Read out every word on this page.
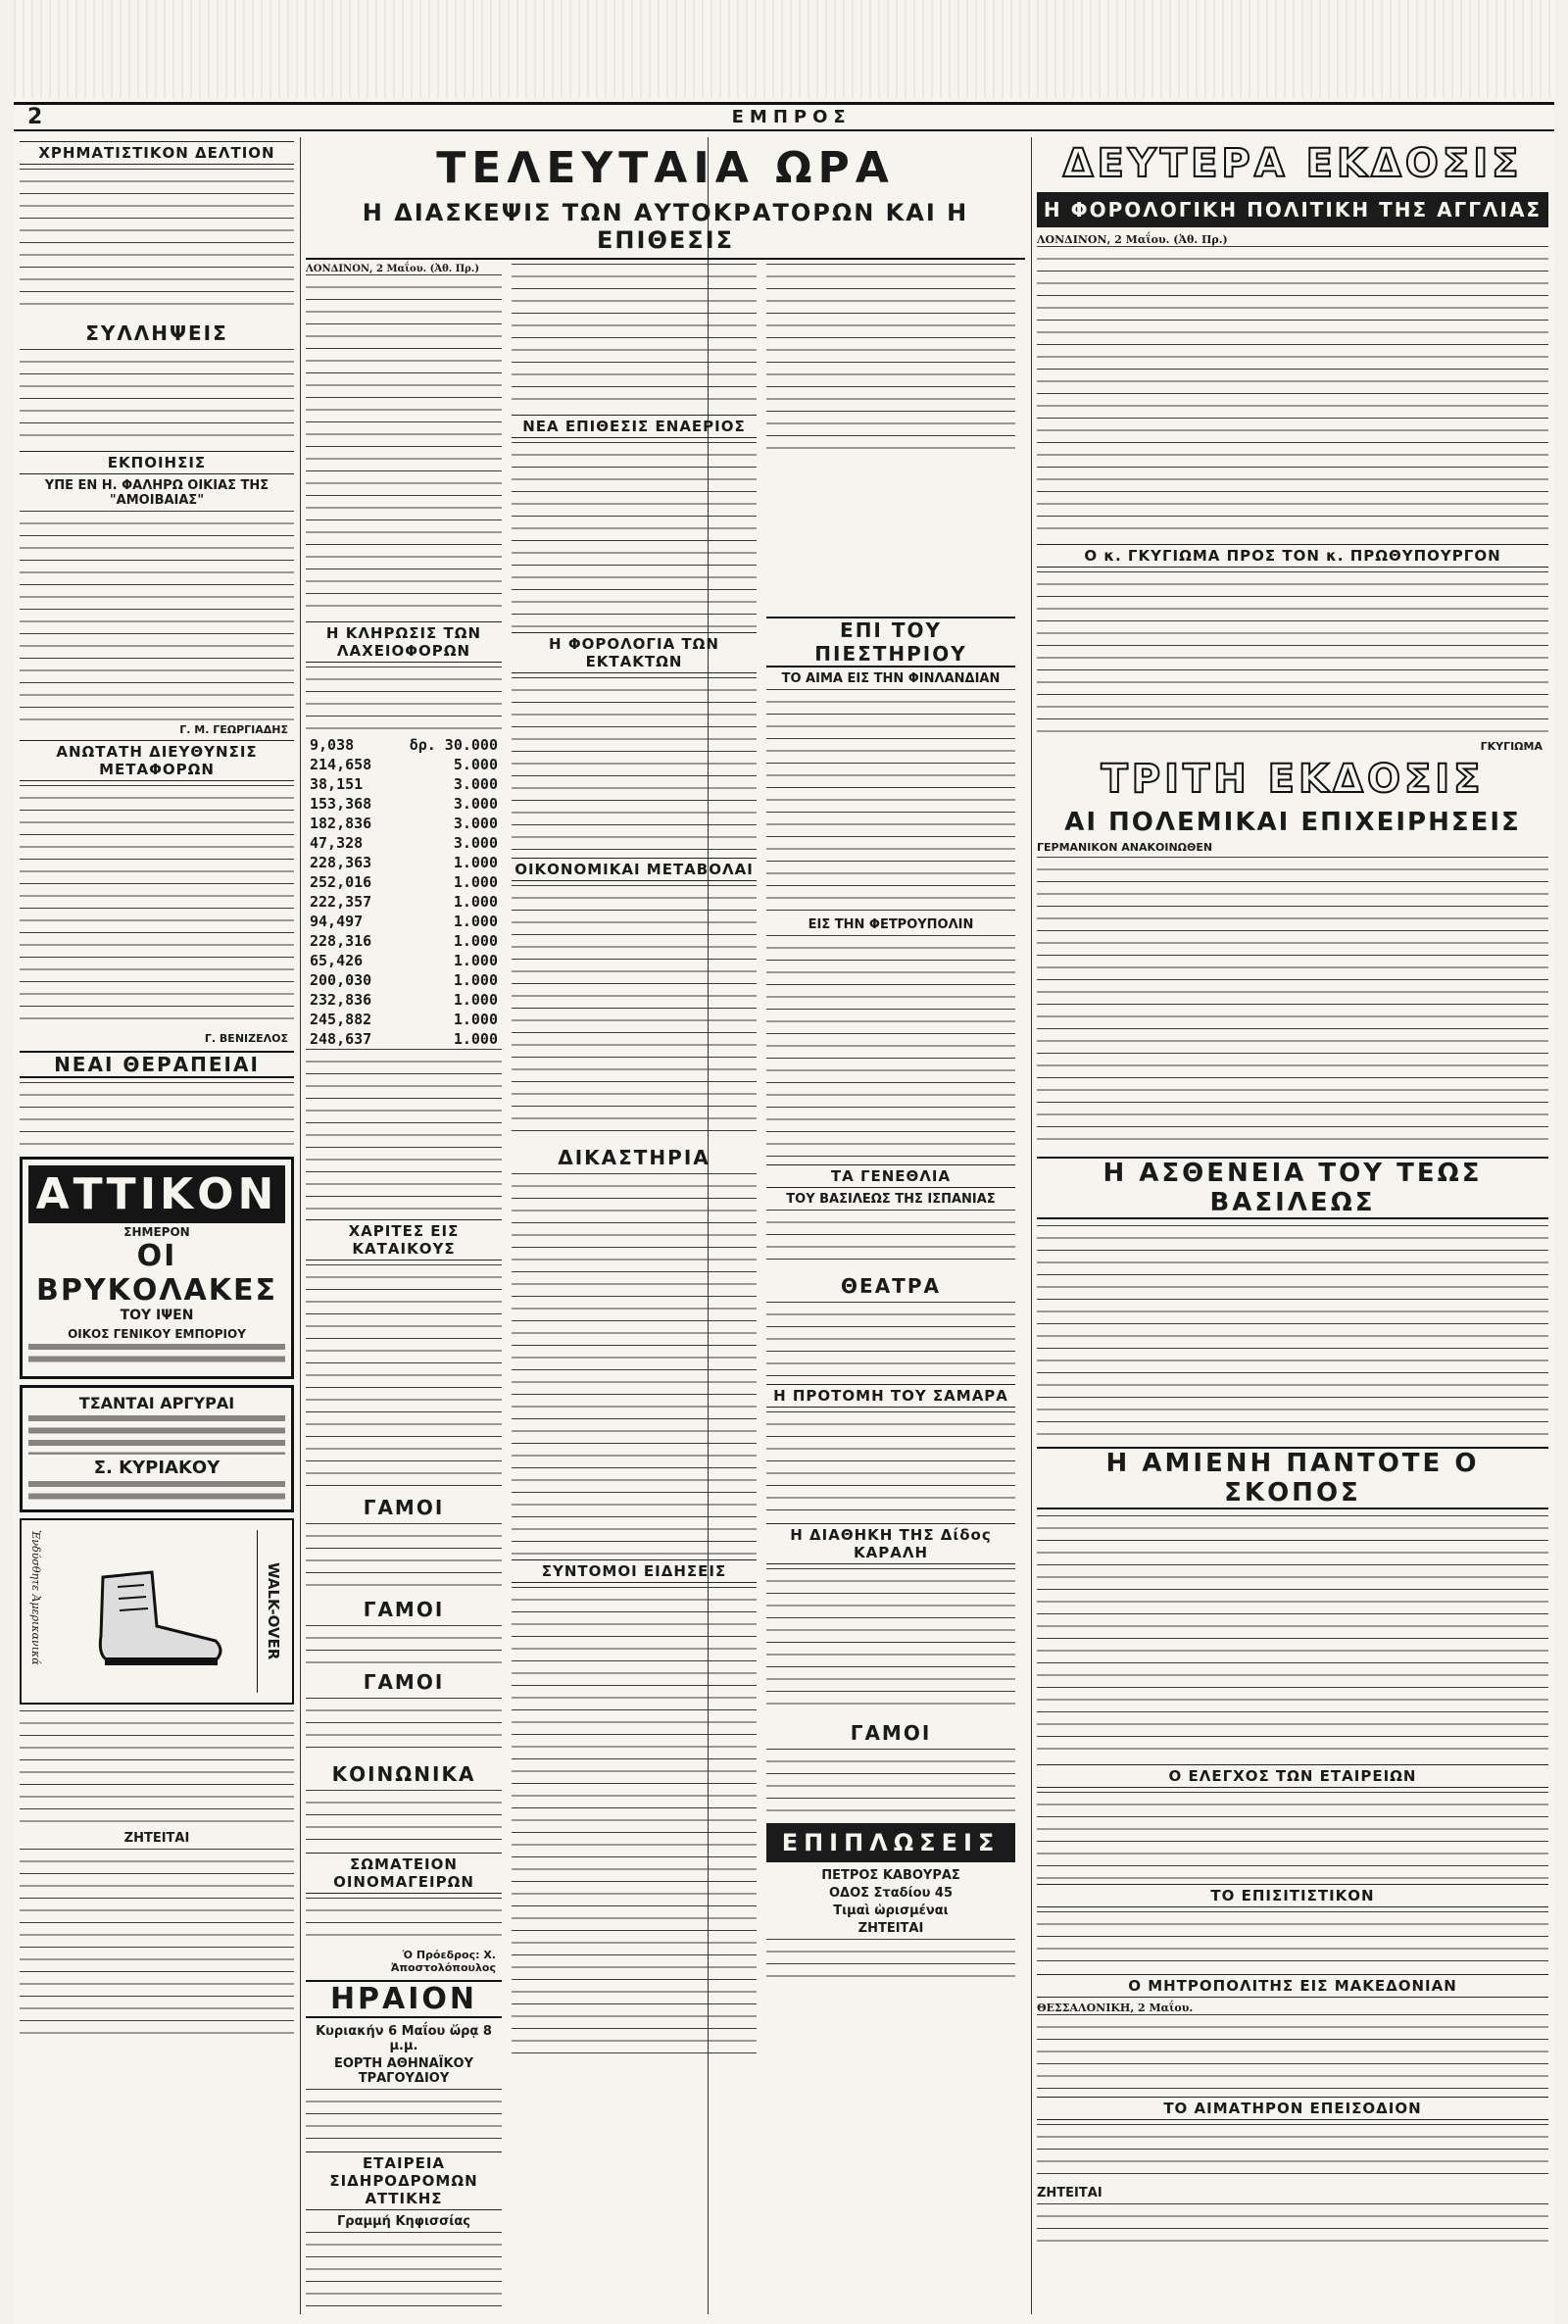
2	ΕΜΠΡΟΣ
ΧΡΗΜΑΤΙΣΤΙΚΟΝ ΔΕΛΤΙΟΝ
ΣΥΛΛΗΨΕΙΣ
ΕΚΠΟΙΗΣΙΣ
ΥΠΕ ΕΝ Η. ΦΑΛΗΡΩ ΟΙΚΙΑΣ ΤΗΣ "ΑΜΟΙΒΑΙΑΣ"
Γ. Μ. ΓΕΩΡΓΙΑΔΗΣ
ΑΝΩΤΑΤΗ ΔΙΕΥΘΥΝΣΙΣ ΜΕΤΑΦΟΡΩΝ
Γ. ΒΕΝΙΖΕΛΟΣ
ΝΕΑΙ ΘΕΡΑΠΕΙΑΙ
ΑΤΤΙΚΟΝ
ΣΗΜΕΡΟΝ
ΟΙ ΒΡΥΚΟΛΑΚΕΣ
ΤΟΥ ΙΨΕΝ
ΟΙΚΟΣ ΓΕΝΙΚΟΥ ΕΜΠΟΡΙΟΥ
ΤΣΑΝΤΑΙ ΑΡΓΥΡΑΙ
Σ. ΚΥΡΙΑΚΟΥ
WALK-OVER
Ἐνδύσθητε Ἀμερικανικά
ΖΗΤΕΙΤΑΙ
ΤΕΛΕΥΤΑΙΑ ΩΡΑ
Η ΔΙΑΣΚΕΨΙΣ ΤΩΝ ΑΥΤΟΚΡΑΤΟΡΩΝ ΚΑΙ Η ΕΠΙΘΕΣΙΣ
ΛΟΝΔΙΝΟΝ, 2 Μαΐου. (Ἀθ. Πρ.)
Η ΚΛΗΡΩΣΙΣ ΤΩΝ ΛΑΧΕΙΟΦΟΡΩΝ
9,038	δρ. 30.000
214,658	5.000
38,151	3.000
153,368	3.000
182,836	3.000
47,328	3.000
228,363	1.000
252,016	1.000
222,357	1.000
94,497	1.000
228,316	1.000
65,426	1.000
200,030	1.000
232,836	1.000
245,882	1.000
248,637	1.000
ΧΑΡΙΤΕΣ ΕΙΣ ΚΑΤΑΙΚΟΥΣ
ΓΑΜΟΙ
ΓΑΜΟΙ
ΓΑΜΟΙ
ΚΟΙΝΩΝΙΚΑ
ΣΩΜΑΤΕΙΟΝ ΟΙΝΟΜΑΓΕΙΡΩΝ
Ὁ Πρόεδρος: Χ. Ἀποστολόπουλος
ΗΡΑΙΟΝ
Κυριακήν 6 Μαΐου ὥρᾳ 8 μ.μ.
ΕΟΡΤΗ ΑΘΗΝΑΪΚΟΥ ΤΡΑΓΟΥΔΙΟΥ
ΕΤΑΙΡΕΙΑ ΣΙΔΗΡΟΔΡΟΜΩΝ ΑΤΤΙΚΗΣ
Γραμμή Κηφισσίας
ΝΕΑ ΕΠΙΘΕΣΙΣ ΕΝΑΕΡΙΟΣ
Η ΦΟΡΟΛΟΓΙΑ ΤΩΝ ΕΚΤΑΚΤΩΝ
ΟΙΚΟΝΟΜΙΚΑΙ ΜΕΤΑΒΟΛΑΙ
ΔΙΚΑΣΤΗΡΙΑ
ΣΥΝΤΟΜΟΙ ΕΙΔΗΣΕΙΣ
ΕΠΙ ΤΟΥ ΠΙΕΣΤΗΡΙΟΥ
ΤΟ ΑΙΜΑ ΕΙΣ ΤΗΝ ΦΙΝΛΑΝΔΙΑΝ
ΕΙΣ ΤΗΝ ΦΕΤΡΟΥΠΟΛΙΝ
ΤΑ ΓΕΝΕΘΛΙΑ
ΤΟΥ ΒΑΣΙΛΕΩΣ ΤΗΣ ΙΣΠΑΝΙΑΣ
ΘΕΑΤΡΑ
Η ΠΡΟΤΟΜΗ ΤΟΥ ΣΑΜΑΡΑ
Η ΔΙΑΘΗΚΗ ΤΗΣ Δίδος ΚΑΡΑΛΗ
ΓΑΜΟΙ
ΕΠΙΠΛΩΣΕΙΣ
ΠΕΤΡΟΣ ΚΑΒΟΥΡΑΣ
ΟΔΟΣ Σταδίου 45
Τιμαὶ ὡρισμέναι
ΖΗΤΕΙΤΑΙ
ΔΕΥΤΕΡΑ ΕΚΔΟΣΙΣ
Η ΦΟΡΟΛΟΓΙΚΗ ΠΟΛΙΤΙΚΗ ΤΗΣ ΑΓΓΛΙΑΣ
ΛΟΝΔΙΝΟΝ, 2 Μαΐου. (Ἀθ. Πρ.)
Ο κ. ΓΚΥΓΙΩΜΑ ΠΡΟΣ ΤΟΝ κ. ΠΡΩΘΥΠΟΥΡΓΟΝ
ΓΚΥΓΙΩΜΑ
ΤΡΙΤΗ ΕΚΔΟΣΙΣ
ΑΙ ΠΟΛΕΜΙΚΑΙ ΕΠΙΧΕΙΡΗΣΕΙΣ
ΓΕΡΜΑΝΙΚΟΝ ΑΝΑΚΟΙΝΩΘΕΝ
Η ΑΣΘΕΝΕΙΑ ΤΟΥ ΤΕΩΣ ΒΑΣΙΛΕΩΣ
Η ΑΜΙΕΝΗ ΠΑΝΤΟΤΕ Ο ΣΚΟΠΟΣ
Ο ΕΛΕΓΧΟΣ ΤΩΝ ΕΤΑΙΡΕΙΩΝ
ΤΟ ΕΠΙΣΙΤΙΣΤΙΚΟΝ
Ο ΜΗΤΡΟΠΟΛΙΤΗΣ ΕΙΣ ΜΑΚΕΔΟΝΙΑΝ
ΘΕΣΣΑΛΟΝΙΚΗ, 2 Μαΐου.
ΤΟ ΑΙΜΑΤΗΡΟΝ ΕΠΕΙΣΟΔΙΟΝ
ΖΗΤΕΙΤΑΙ
